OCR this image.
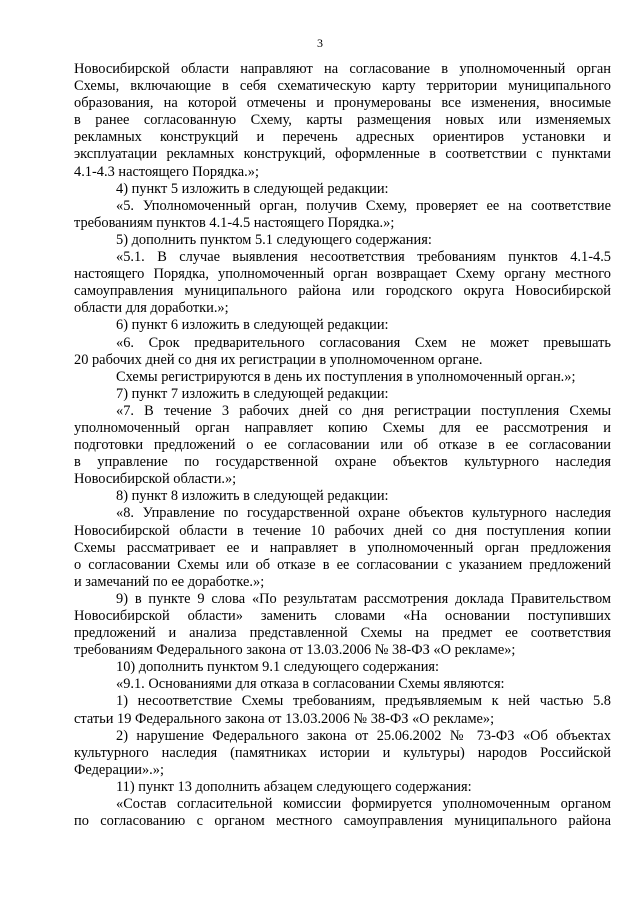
3

Новосибирской области направляют на согласование в уполномоченный орган

Схемы, включающие в себя схематическую карту территории муниципального

образования, на которой отмечены и пронумерованы все изменения, вносимые

в ранее согласованную Схему, карты размещения новых или изменяемых

рекламных конструкций и перечень адресных ориентиров установки и

эксплуатации рекламных конструкций, оформленные в соответствии с пунктами

4.1-4.3 настоящего Порядка.»;

4) пункт 5 изложить в следующей редакции:

«5. Уполномоченный орган, получив Схему, проверяет ее на соответствие

требованиям пунктов 4.1-4.5 настоящего Порядка.»;

5) дополнить пунктом 5.1 следующего содержания:

«5.1. В случае выявления несоответствия требованиям пунктов 4.1-4.5

настоящего Порядка, уполномоченный орган возвращает Схему органу местного

самоуправления муниципального района или городского округа Новосибирской

области для доработки.»;

6) пункт 6 изложить в следующей редакции:

«6. Срок предварительного согласования Схем не может превышать

20 рабочих дней со дня их регистрации в уполномоченном органе.

Схемы регистрируются в день их поступления в уполномоченный орган.»;

7) пункт 7 изложить в следующей редакции:

«7. В течение 3 рабочих дней со дня регистрации поступления Схемы

уполномоченный орган направляет копию Схемы для ее рассмотрения и

подготовки предложений о ее согласовании или об отказе в ее согласовании

в управление по государственной охране объектов культурного наследия

Новосибирской области.»;

8) пункт 8 изложить в следующей редакции:

«8. Управление по государственной охране объектов культурного наследия

Новосибирской области в течение 10 рабочих дней со дня поступления копии

Схемы рассматривает ее и направляет в уполномоченный орган предложения

о согласовании Схемы или об отказе в ее согласовании с указанием предложений

и замечаний по ее доработке.»;

9) в пункте 9 слова «По результатам рассмотрения доклада Правительством

Новосибирской области» заменить словами «На основании поступивших

предложений и анализа представленной Схемы на предмет ее соответствия

требованиям Федерального закона от 13.03.2006 № 38-ФЗ «О рекламе»;

10) дополнить пунктом 9.1 следующего содержания:

«9.1. Основаниями для отказа в согласовании Схемы являются:

1) несоответствие Схемы требованиям, предъявляемым к ней частью 5.8

статьи 19 Федерального закона от 13.03.2006 № 38-ФЗ «О рекламе»;

2) нарушение Федерального закона от 25.06.2002 № 73-ФЗ «Об объектах

культурного наследия (памятниках истории и культуры) народов Российской

Федерации».»;

11) пункт 13 дополнить абзацем следующего содержания:

«Состав согласительной комиссии формируется уполномоченным органом

по согласованию с органом местного самоуправления муниципального района
